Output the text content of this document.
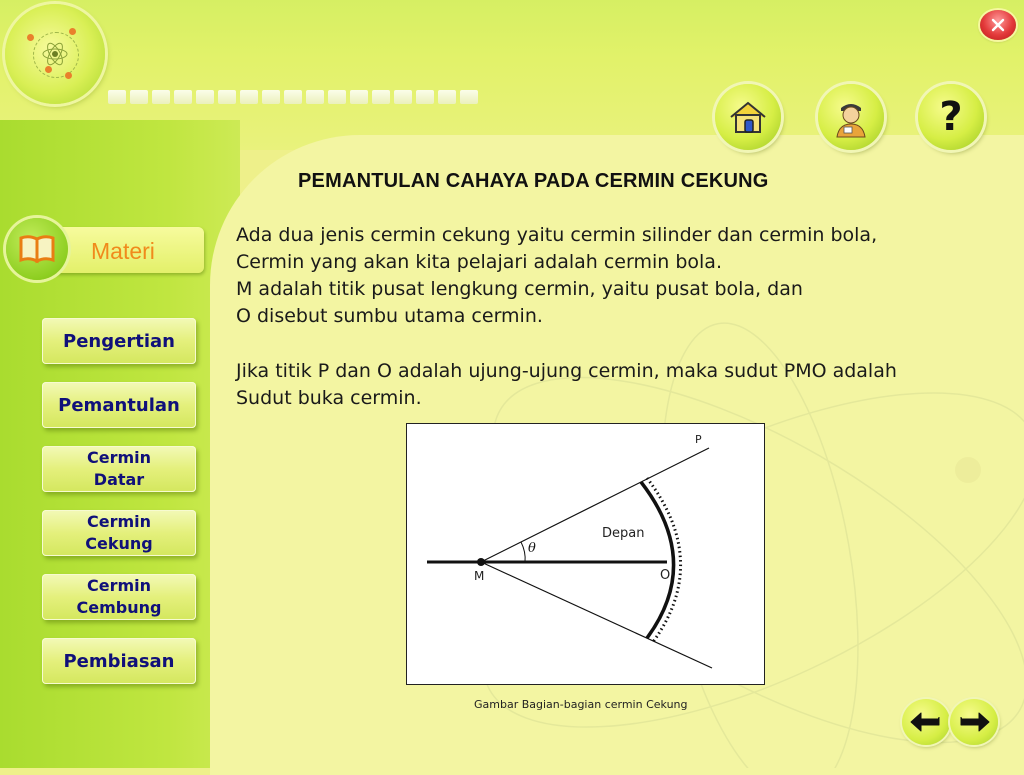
?
PEMANTULAN CAHAYA PADA CERMIN CEKUNG
Ada dua jenis cermin cekung yaitu cermin silinder dan cermin bola,
Cermin yang akan kita pelajari adalah cermin bola.
M adalah titik pusat lengkung cermin, yaitu pusat bola, dan
O disebut sumbu utama cermin.
Jika titik P dan O adalah ujung-ujung cermin, maka sudut PMO adalah
Sudut buka cermin.
Materi
Pengertian
Pemantulan
Cermin
Datar
Cermin
Cekung
Cermin
Cembung
Pembiasan
P
Depan
θ
M	O
Gambar Bagian-bagian cermin Cekung
